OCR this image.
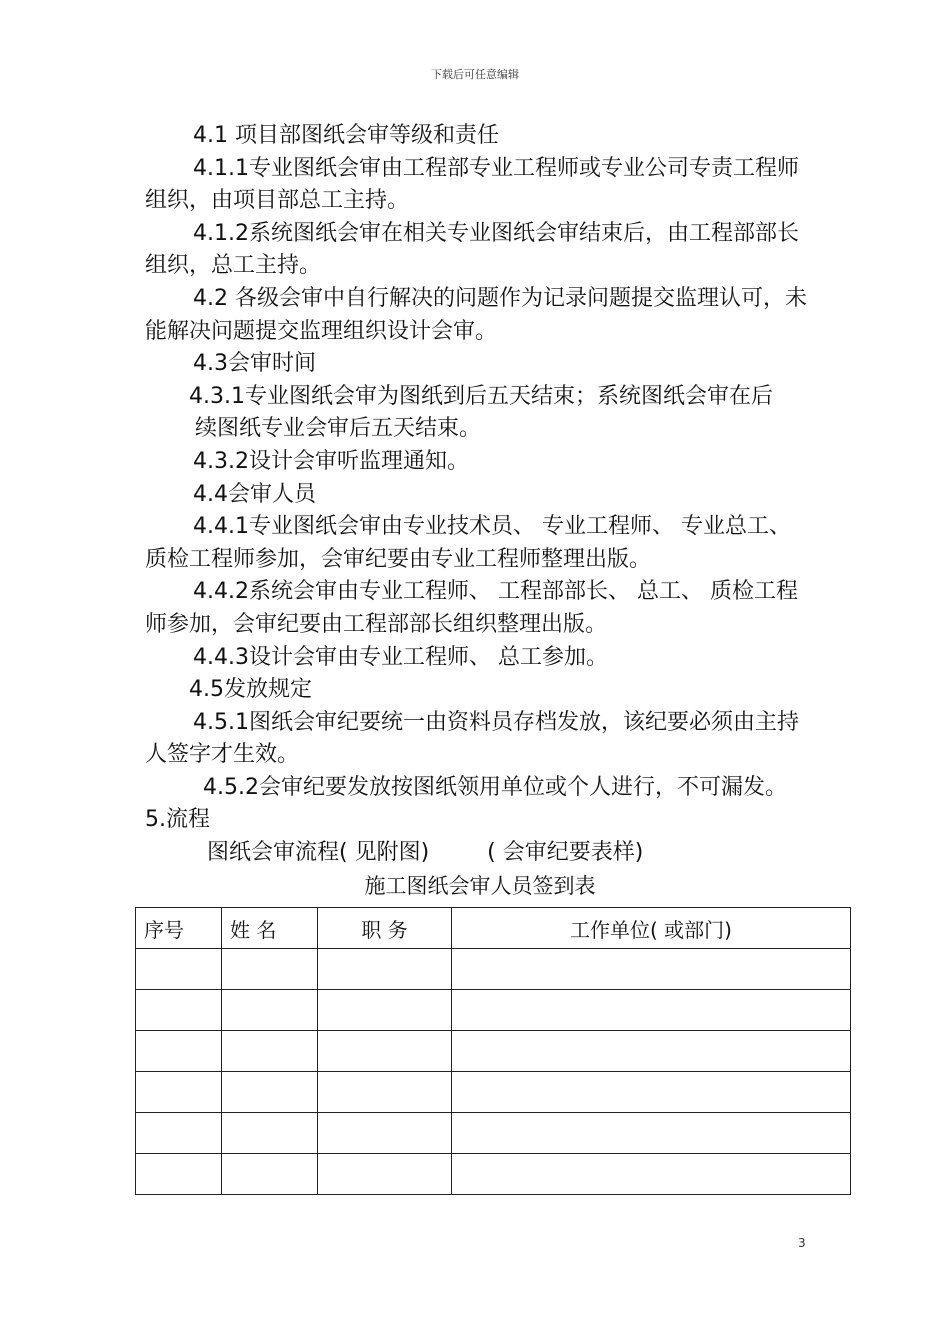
下载后可任意编辑

4.1 项目部图纸会审等级和责任

4.1.1专业图纸会审由工程部专业工程师或专业公司专责工程师组织，由项目部总工主持。

4.1.2系统图纸会审在相关专业图纸会审结束后，由工程部部长组织，总工主持。

4.2 各级会审中自行解决的问题作为记录问题提交监理认可，未能解决问题提交监理组织设计会审。

4.3会审时间

4.3.1专业图纸会审为图纸到后五天结束；系统图纸会审在后

续图纸专业会审后五天结束。

4.3.2设计会审听监理通知。

4.4会审人员

4.4.1专业图纸会审由专业技术员、 专业工程师、 专业总工、 质检工程师参加，会审纪要由专业工程师整理出版。

4.4.2系统会审由专业工程师、 工程部部长、 总工、 质检工程师参加，会审纪要由工程部部长组织整理出版。

4.4.3设计会审由专业工程师、 总工参加。

4.5发放规定

4.5.1图纸会审纪要统一由资料员存档发放，该纪要必须由主持人签字才生效。

4.5.2会审纪要发放按图纸领用单位或个人进行，不可漏发。

5.流程

图纸会审流程( 见附图)	( 会审纪要表样)

施工图纸会审人员签到表

序号	姓 名	职 务	工作单位( 或部门)

3
